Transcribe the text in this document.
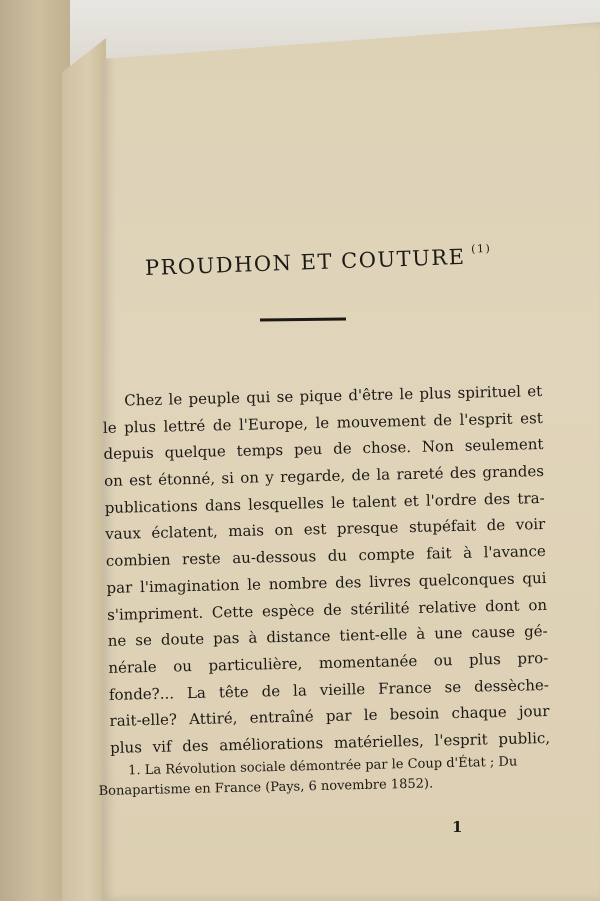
PROUDHON ET COUTURE $^{(1)}$
Chez le peuple qui se pique d'être le plus spirituel et
le plus lettré de l'Europe, le mouvement de l'esprit est
depuis quelque temps peu de chose. Non seulement
on est étonné, si on y regarde, de la rareté des grandes
publications dans lesquelles le talent et l'ordre des tra-
vaux éclatent, mais on est presque stupéfait de voir
combien reste au-dessous du compte fait à l'avance
par l'imagination le nombre des livres quelconques qui
s'impriment. Cette espèce de stérilité relative dont on
ne se doute pas à distance tient-elle à une cause gé-
nérale ou particulière, momentanée ou plus pro-
fonde?... La tête de la vieille France se dessèche-
rait-elle? Attiré, entraîné par le besoin chaque jour
plus vif des améliorations matérielles, l'esprit public,
1. La Révolution sociale démontrée par le Coup d'État ; Du
Bonapartisme en France (Pays, 6 novembre 1852).
1
